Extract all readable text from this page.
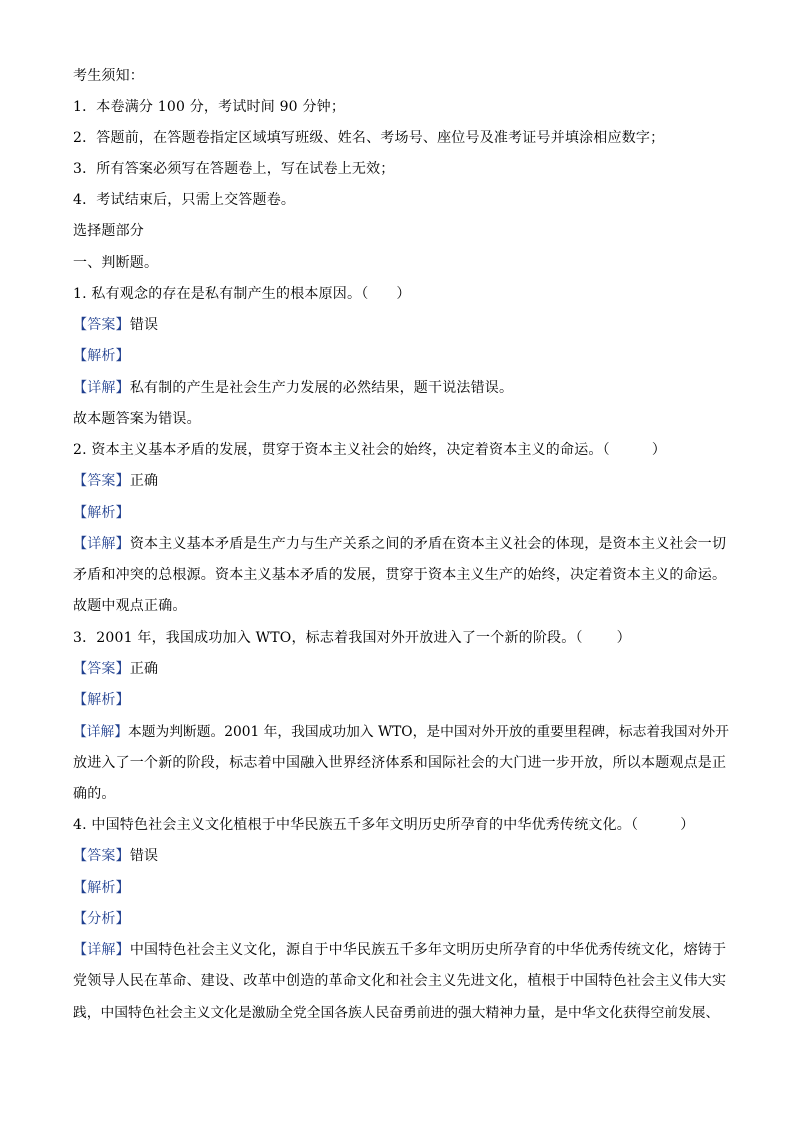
考生须知：
1．本卷满分 100 分，考试时间 90 分钟；
2．答题前，在答题卷指定区域填写班级、姓名、考场号、座位号及准考证号并填涂相应数字；
3．所有答案必须写在答题卷上，写在试卷上无效；
4．考试结束后，只需上交答题卷。
选择题部分
一、判断题。
1. 私有观念的存在是私有制产生的根本原因。（ ）
【答案】错误
【解析】
【详解】私有制的产生是社会生产力发展的必然结果，题干说法错误。
故本题答案为错误。
2. 资本主义基本矛盾的发展，贯穿于资本主义社会的始终，决定着资本主义的命运。（	）
【答案】正确
【解析】
【详解】资本主义基本矛盾是生产力与生产关系之间的矛盾在资本主义社会的体现，是资本主义社会一切
矛盾和冲突的总根源。资本主义基本矛盾的发展，贯穿于资本主义生产的始终，决定着资本主义的命运。
故题中观点正确。
3．2001 年，我国成功加入 WTO，标志着我国对外开放进入了一个新的阶段。（ ）
【答案】正确
【解析】
【详解】本题为判断题。2001 年，我国成功加入 WTO，是中国对外开放的重要里程碑，标志着我国对外开
放进入了一个新的阶段，标志着中国融入世界经济体系和国际社会的大门进一步开放，所以本题观点是正
确的。
4. 中国特色社会主义文化植根于中华民族五千多年文明历史所孕育的中华优秀传统文化。（	）
【答案】错误
【解析】
【分析】
【详解】中国特色社会主义文化，源自于中华民族五千多年文明历史所孕育的中华优秀传统文化，熔铸于
党领导人民在革命、建设、改革中创造的革命文化和社会主义先进文化，植根于中国特色社会主义伟大实
践，中国特色社会主义文化是激励全党全国各族人民奋勇前进的强大精神力量，是中华文化获得空前发展、
